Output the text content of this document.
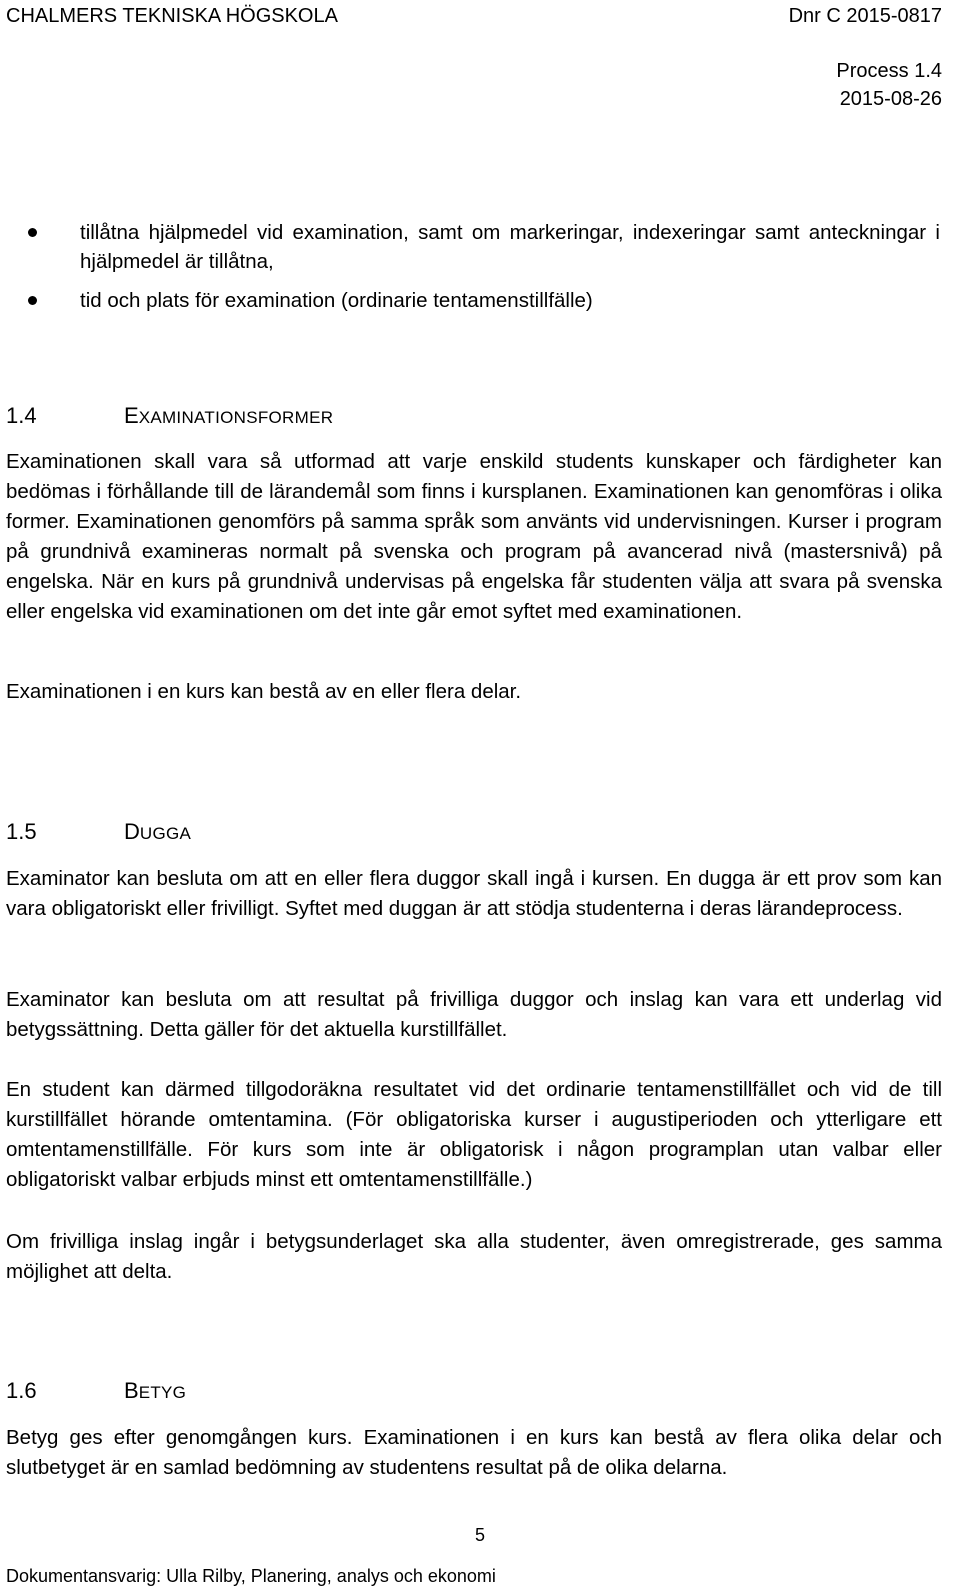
CHALMERS TEKNISKA HÖGSKOLA	Dnr C 2015-0817
Process 1.4
2015-08-26
tillåtna hjälpmedel vid examination, samt om markeringar, indexeringar samt anteckningar i hjälpmedel är tillåtna,
tid och plats för examination (ordinarie tentamenstillfälle)
1.4	EXAMINATIONSFORMER

Examinationen skall vara så utformad att varje enskild students kunskaper och färdigheter kan bedömas i förhållande till de lärandemål som finns i kursplanen. Examinationen kan genomföras i olika former. Examinationen genomförs på samma språk som använts vid undervisningen. Kurser i program på grundnivå examineras normalt på svenska och program på avancerad nivå (mastersnivå) på engelska. När en kurs på grundnivå undervisas på engelska får studenten välja att svara på svenska eller engelska vid examinationen om det inte går emot syftet med examinationen.

Examinationen i en kurs kan bestå av en eller flera delar.

1.5	DUGGA

Examinator kan besluta om att en eller flera duggor skall ingå i kursen. En dugga är ett prov som kan vara obligatoriskt eller frivilligt. Syftet med duggan är att stödja studenterna i deras lärandeprocess.

Examinator kan besluta om att resultat på frivilliga duggor och inslag kan vara ett underlag vid betygssättning. Detta gäller för det aktuella kurstillfället.

En student kan därmed tillgodoräkna resultatet vid det ordinarie tentamenstillfället och vid de till kurstillfället hörande omtentamina. (För obligatoriska kurser i augustiperioden och ytterligare ett omtentamenstillfälle. För kurs som inte är obligatorisk i någon programplan utan valbar eller obligatoriskt valbar erbjuds minst ett omtentamenstillfälle.)

Om frivilliga inslag ingår i betygsunderlaget ska alla studenter, även omregistrerade, ges samma möjlighet att delta.

1.6	BETYG

Betyg ges efter genomgången kurs. Examinationen i en kurs kan bestå av flera olika delar och slutbetyget är en samlad bedömning av studentens resultat på de olika delarna.

5
Dokumentansvarig: Ulla Rilby, Planering, analys och ekonomi
